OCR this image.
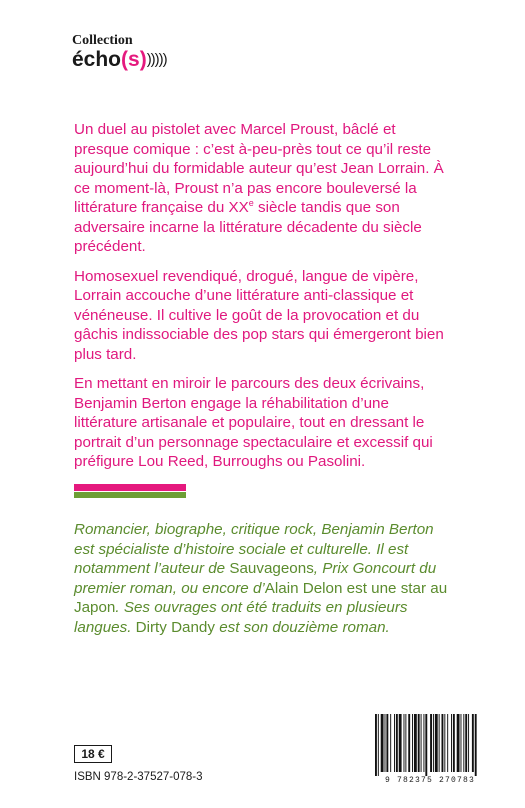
Collection
écho(s))))))

Un duel au pistolet avec Marcel Proust, bâclé et presque comique : c’est à-peu-près tout ce qu’il reste aujourd’hui du formidable auteur qu’est Jean Lorrain. À ce moment-là, Proust n’a pas encore bouleversé la littérature française du XXe siècle tandis que son adversaire incarne la littérature décadente du siècle précédent.

Homosexuel revendiqué, drogué, langue de vipère, Lorrain accouche d’une littérature anti-classique et vénéneuse. Il cultive le goût de la provocation et du gâchis indissociable des pop stars qui émergeront bien plus tard.

En mettant en miroir le parcours des deux écrivains, Benjamin Berton engage la réhabilitation d’une littérature artisanale et populaire, tout en dressant le portrait d’un personnage spectaculaire et excessif qui préfigure Lou Reed, Burroughs ou Pasolini.

Romancier, biographe, critique rock, Benjamin Berton est spécialiste d’histoire sociale et culturelle. Il est notamment l’auteur de Sauvageons, Prix Goncourt du premier roman, ou encore d’Alain Delon est une star au Japon. Ses ouvrages ont été traduits en plusieurs langues. Dirty Dandy est son douzième roman.

18 €
ISBN 978-2-37527-078-3	9 782375 270783
